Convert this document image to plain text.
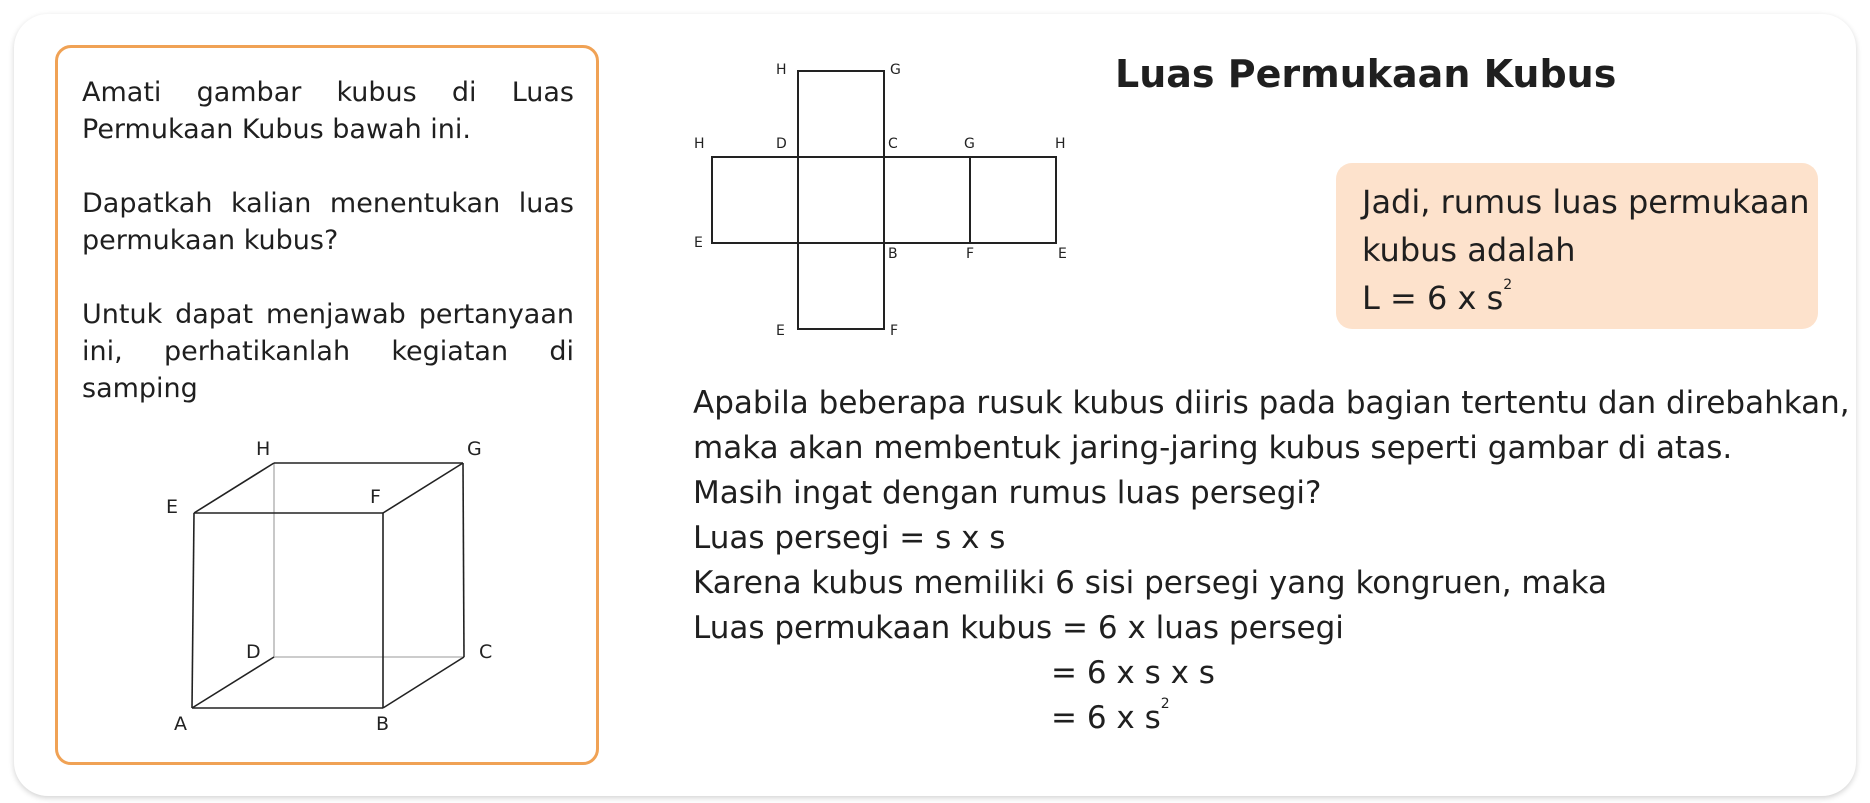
Amati gambar kubus di Luas Permukaan Kubus bawah ini.

Dapatkah kalian menentukan luas permukaan kubus?

Untuk dapat menjawab pertanyaan ini, perhatikanlah kegiatan di samping

H	G
E	F
D	C
A	B
H	G
H	D	C	G	H
E
B	F	E
E	F
Luas Permukaan Kubus
Jadi, rumus luas permukaan
kubus adalah
L = 6 x $s^2$
Apabila beberapa rusuk kubus diiris pada bagian tertentu dan direbahkan,
maka akan membentuk jaring-jaring kubus seperti gambar di atas.
Masih ingat dengan rumus luas persegi?
Luas persegi = s x s
Karena kubus memiliki 6 sisi persegi yang kongruen, maka
Luas permukaan kubus = 6 x luas persegi
= 6 x s x s
= 6 x $s^2$
